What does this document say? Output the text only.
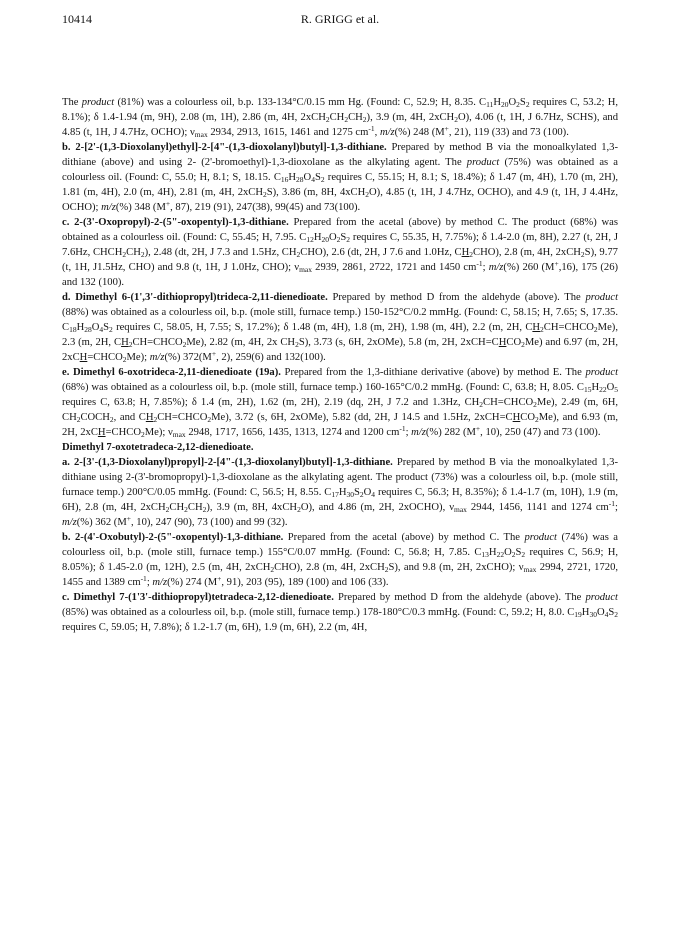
10414	R. GRIGG et al.

The product (81%) was a colourless oil, b.p. 133-134°C/0.15 mm Hg. (Found: C, 52.9; H, 8.35. $C_{11}H_{20}O_2S_2$ requires C, 53.2; H, 8.1%); δ 1.4-1.94 (m, 9H), 2.08 (m, 1H), 2.86 (m, 4H, $2xCH_2CH_2CH_2$), 3.9 (m, 4H, 2xCH$_2$O), 4.06 (t, 1H, J 6.7Hz, SCHS), and 4.85 (t, 1H, J 4.7Hz, OCHO); $\nu_{max}$ 2934, 2913, 1615, 1461 and 1275 $cm^{-1}$, m/z(%) 248 (M+, 21), 119 (33) and 73 (100).

b. 2-[2'-(1,3-Dioxolanyl)ethyl]-2-[4"-(1,3-dioxolanyl)butyl]-1,3-dithiane. Prepared by method B via the monoalkylated 1,3-dithiane (above) and using 2- (2'-bromoethyl)-1,3-dioxolane as the alkylating agent. The product (75%) was obtained as a colourless oil. (Found: C, 55.0; H, 8.1; S, 18.15. $C_{16}H_{28}O_4S_2$ requires C, 55.15; H, 8.1; S, 18.4%); δ 1.47 (m, 4H), 1.70 (m, 2H), 1.81 (m, 4H), 2.0 (m, 4H), 2.81 (m, 4H, 2xCH$_2$S), 3.86 (m, 8H, 4xCH$_2$O), 4.85 (t, 1H, J 4.7Hz, OCHO), and 4.9 (t, 1H, J 4.4Hz, OCHO); m/z(%) 348 (M+, 87), 219 (91), 247(38), 99(45) and 73(100).

c. 2-(3'-Oxopropyl)-2-(5"-oxopentyl)-1,3-dithiane. Prepared from the acetal (above) by method C. The product (68%) was obtained as a colourless oil. (Found: C, 55.45; H, 7.95. $C_{12}H_{20}O_2S_2$ requires C, 55.35, H, 7.75%); δ 1.4-2.0 (m, 8H), 2.27 (t, 2H, J 7.6Hz, $CHCH_2CH_2$), 2.48 (dt, 2H, J 7.3 and 1.5Hz, $CH_2CHO$), 2.6 (dt, 2H, J 7.6 and 1.0Hz, $CH_2CHO$), 2.8 (m, 4H, 2xCH$_2$S), 9.77 (t, 1H, J1.5Hz, CHO) and 9.8 (t, 1H, J 1.0Hz, CHO); $\nu_{max}$ 2939, 2861, 2722, 1721 and 1450 $cm^{-1}$; m/z(%) 260 (M+,16), 175 (26) and 132 (100).

d. Dimethyl 6-(1',3'-dithiopropyl)trideca-2,11-dienedioate. Prepared by method D from the aldehyde (above). The product (88%) was obtained as a colourless oil, b.p. (mole still, furnace temp.) 150-152°C/0.2 mmHg. (Found: C, 58.15; H, 7.65; S, 17.35. $C_{18}H_{28}O_4S_2$ requires C, 58.05, H, 7.55; S, 17.2%); δ 1.48 (m, 4H), 1.8 (m, 2H), 1.98 (m, 4H), 2.2 (m, 2H, $CH_2CH=CHCO_2Me$), 2.3 (m, 2H, $CH_2CH=CHCO_2Me$), 2.82 (m, 4H, 2x $CH_2S$), 3.73 (s, 6H, 2xOMe), 5.8 (m, 2H, $2xCH=CHCO_2Me$) and 6.97 (m, 2H, $2xCH=CHCO_2Me$); m/z(%) 372(M+, 2), 259(6) and 132(100).

e. Dimethyl 6-oxotrideca-2,11-dienedioate (19a). Prepared from the 1,3-dithiane derivative (above) by method E. The product (68%) was obtained as a colourless oil, b.p. (mole still, furnace temp.) 160-165°C/0.2 mmHg. (Found: C, 63.8; H, 8.05. $C_{15}H_{22}O_5$ requires C, 63.8; H, 7.85%); δ 1.4 (m, 2H), 1.62 (m, 2H), 2.19 (dq, 2H, J 7.2 and 1.3Hz, $CH_2CH=CHCO_2Me$), 2.49 (m, 6H, $CH_2COCH_2$, and $CH_2CH=CHCO_2Me$), 3.72 (s, 6H, 2xOMe), 5.82 (dd, 2H, J 14.5 and 1.5Hz, $2xCH=CHCO_2Me$), and 6.93 (m, 2H, $2xCH=CHCO_2Me$); $\nu_{max}$ 2948, 1717, 1656, 1435, 1313, 1274 and 1200 $cm^{-1}$; m/z(%) 282 (M+, 10), 250 (47) and 73 (100).

Dimethyl 7-oxotetradeca-2,12-dienedioate.

a. 2-[3'-(1,3-Dioxolanyl)propyl]-2-[4"-(1,3-dioxolanyl)butyl]-1,3-dithiane. Prepared by method B via the monoalkylated 1,3-dithiane using 2-(3'-bromopropyl)-1,3-dioxolane as the alkylating agent. The product (73%) was a colourless oil, b.p. (mole still, furnace temp.) 200°C/0.05 mmHg. (Found: C, 56.5; H, 8.55. $C_{17}H_{30}S_2O_4$ requires C, 56.3; H, 8.35%); δ 1.4-1.7 (m, 10H), 1.9 (m, 6H), 2.8 (m, 4H, $2xCH_2CH_2CH_2$), 3.9 (m, 8H, 4xCH$_2$O), and 4.86 (m, 2H, 2xOCHO), $\nu_{max}$ 2944, 1456, 1141 and 1274 $cm^{-1}$; m/z(%) 362 (M+, 10), 247 (90), 73 (100) and 99 (32).

b. 2-(4'-Oxobutyl)-2-(5"-oxopentyl)-1,3-dithiane. Prepared from the acetal (above) by method C. The product (74%) was a colourless oil, b.p. (mole still, furnace temp.) 155°C/0.07 mmHg. (Found: C, 56.8; H, 7.85. $C_{13}H_{22}O_2S_2$ requires C, 56.9; H, 8.05%); δ 1.45-2.0 (m, 12H), 2.5 (m, 4H, 2xCH$_2$CHO), 2.8 (m, 4H, 2xCH$_2$S), and 9.8 (m, 2H, 2xCHO); $\nu_{max}$ 2994, 2721, 1720, 1455 and 1389 $cm^{-1}$; m/z(%) 274 (M+, 91), 203 (95), 189 (100) and 106 (33).

c. Dimethyl 7-(1'3'-dithiopropyl)tetradeca-2,12-dienedioate. Prepared by method D from the aldehyde (above). The product (85%) was obtained as a colourless oil, b.p. (mole still, furnace temp.) 178-180°C/0.3 mmHg. (Found: C, 59.2; H, 8.0. $C_{19}H_{30}O_4S_2$ requires C, 59.05; H, 7.8%); δ 1.2-1.7 (m, 6H), 1.9 (m, 6H), 2.2 (m, 4H,
